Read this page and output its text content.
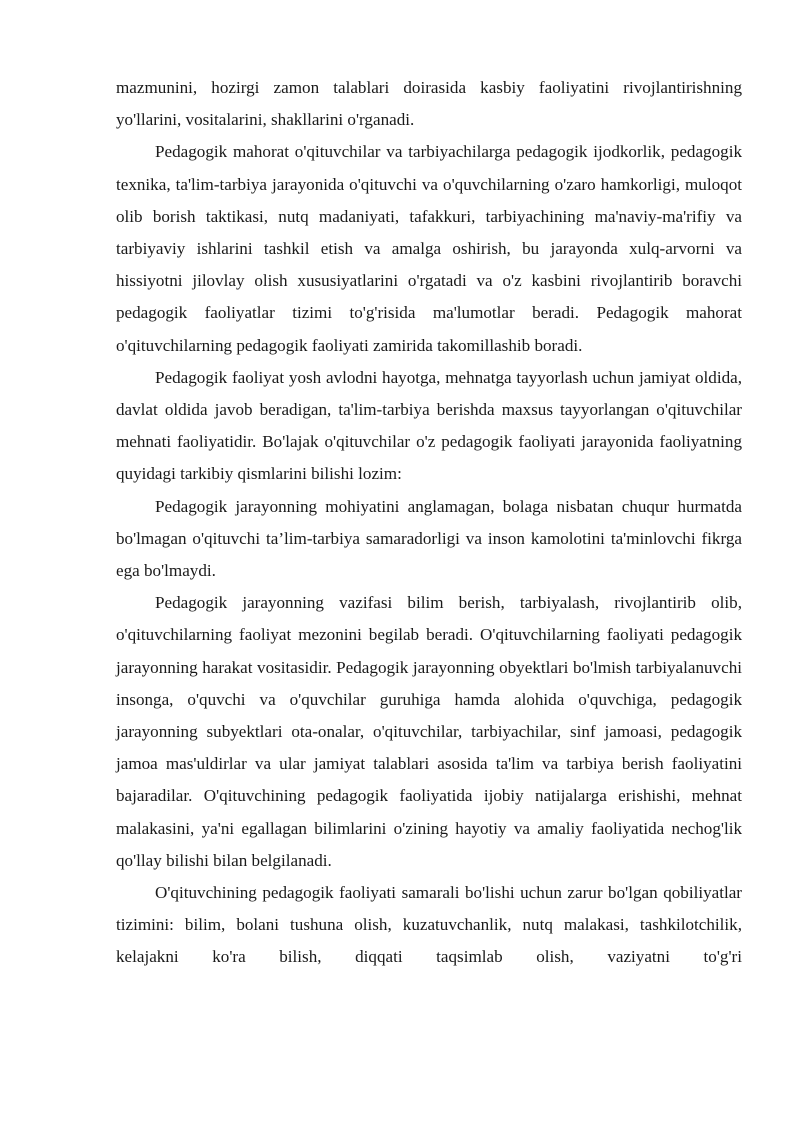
mazmunini, hozirgi zamon talablari doirasida kasbiy faoliyatini rivojlantirishning yo'llarini, vositalarini, shakllarini o'rganadi.

Pedagogik mahorat o'qituvchilar va tarbiyachilarga pedagogik ijodkorlik, pedagogik texnika, ta'lim-tarbiya jarayonida o'qituvchi va o'quvchilarning o'zaro hamkorligi, muloqot olib borish taktikasi, nutq madaniyati, tafakkuri, tarbiyachining ma'naviy-ma'rifiy va tarbiyaviy ishlarini tashkil etish va amalga oshirish, bu jarayonda xulq-arvorni va hissiyotni jilovlay olish xususiyatlarini o'rgatadi va o'z kasbini rivojlantirib boravchi pedagogik faoliyatlar tizimi to'g'risida ma'lumotlar beradi. Pedagogik mahorat o'qituvchilarning pedagogik faoliyati zamirida takomillashib boradi.

Pedagogik faoliyat yosh avlodni hayotga, mehnatga tayyorlash uchun jamiyat oldida, davlat oldida javob beradigan, ta'lim-tarbiya berishda maxsus tayyorlangan o'qituvchilar mehnati faoliyatidir. Bo'lajak o'qituvchilar o'z pedagogik faoliyati jarayonida faoliyatning quyidagi tarkibiy qismlarini bilishi lozim:

Pedagogik jarayonning mohiyatini anglamagan, bolaga nisbatan chuqur hurmatda bo'lmagan o'qituvchi ta’lim-tarbiya samaradorligi va inson kamolotini ta'minlovchi fikrga ega bo'lmaydi.

Pedagogik jarayonning vazifasi bilim berish, tarbiyalash, rivojlantirib olib, o'qituvchilarning faoliyat mezonini begilab beradi. O'qituvchilarning faoliyati pedagogik jarayonning harakat vositasidir. Pedagogik jarayonning obyektlari bo'lmish tarbiyalanuvchi insonga, o'quvchi va o'quvchilar guruhiga hamda alohida o'quvchiga, pedagogik jarayonning subyektlari ota-onalar, o'qituvchilar, tarbiyachilar, sinf jamoasi, pedagogik jamoa mas'uldirlar va ular jamiyat talablari asosida ta'lim va tarbiya berish faoliyatini bajaradilar. O'qituvchining pedagogik faoliyatida ijobiy natijalarga erishishi, mehnat malakasini, ya'ni egallagan bilimlarini o'zining hayotiy va amaliy faoliyatida nechog'lik qo'llay bilishi bilan belgilanadi.

O'qituvchining pedagogik faoliyati samarali bo'lishi uchun zarur bo'lgan qobiliyatlar tizimini: bilim, bolani tushuna olish, kuzatuvchanlik, nutq malakasi, tashkilotchilik, kelajakni ko'ra bilish, diqqati taqsimlab olish, vaziyatni to'g'ri
